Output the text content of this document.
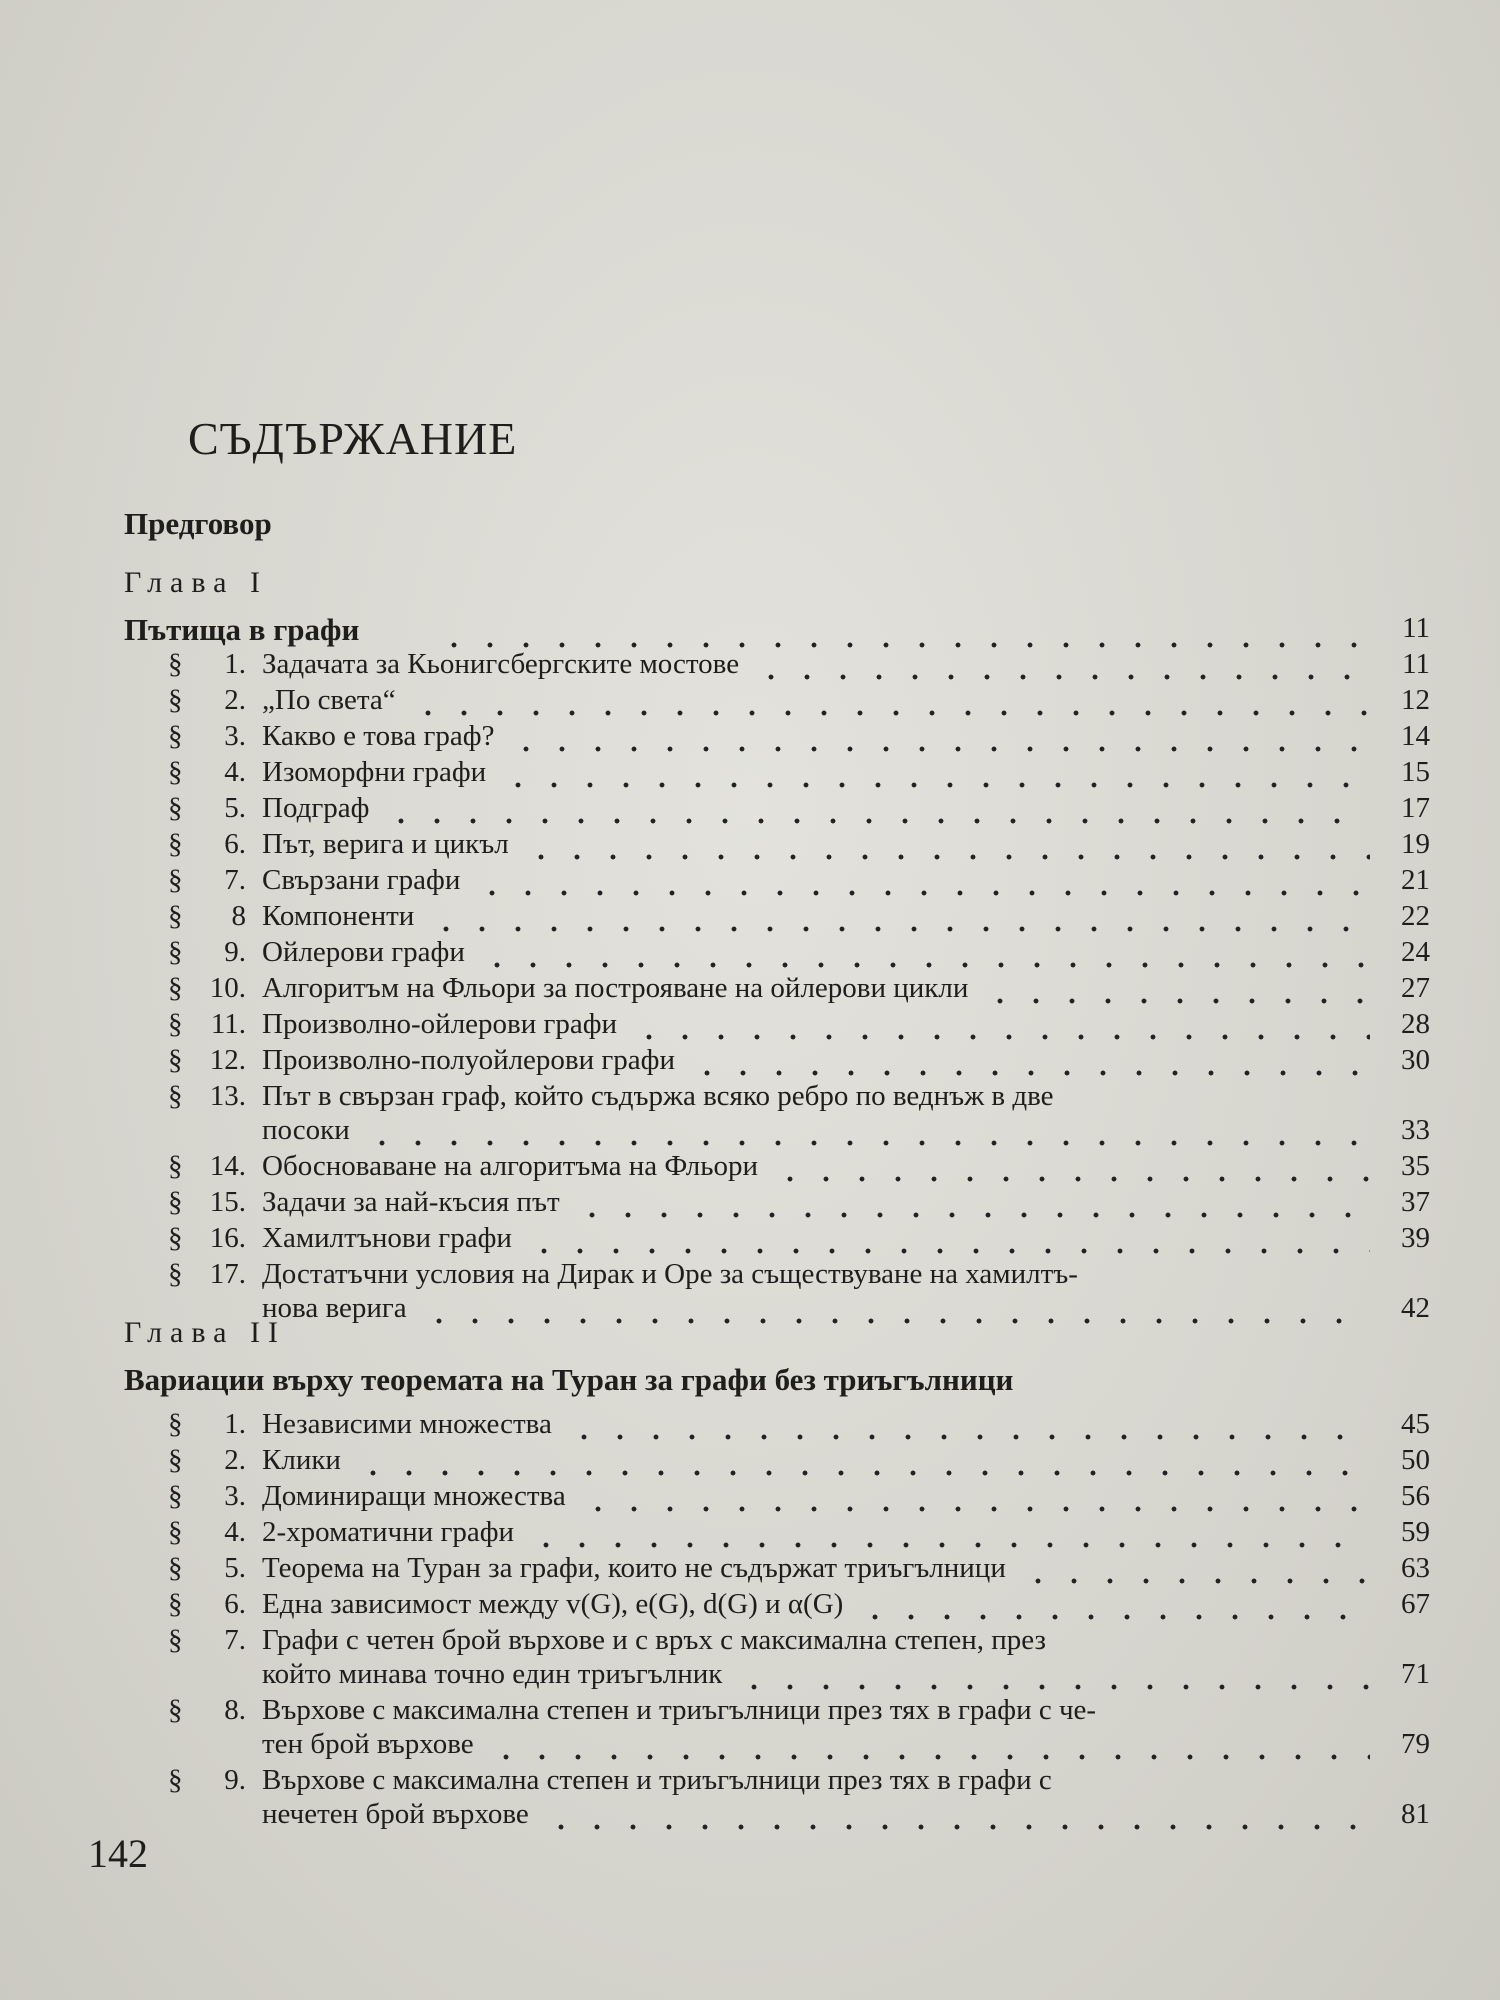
СЪДЪРЖАНИЕ
Предговор
Глава I
Пътища в графи	11
§	1. Задачата за Кьонигсбергските мостове	11
§	2. „По света“	12
§	3. Какво е това граф?	14
§	4. Изоморфни графи	15
§	5. Подграф	17
§	6. Път, верига и цикъл	19
§	7. Свързани графи	21
§	8 Компоненти	22
§	9. Ойлерови графи	24
§ 10. Алгоритъм на Фльори за построяване на ойлерови цикли	27
§ 11. Произволно-ойлерови графи	28
§ 12. Произволно-полуойлерови графи	30
§ 13. Път в свързан граф, който съдържа всяко ребро по веднъж в две
посоки	33
§ 14. Обосноваване на алгоритъма на Фльори	35
§ 15. Задачи за най-късия път	37
§ 16. Хамилтънови графи	39
§ 17. Достатъчни условия на Дирак и Оре за съществуване на хамилтъ-
нова верига	42
Глава II
Вариации върху теоремата на Туран за графи без триъгълници
§	1. Независими множества	45
§	2. Клики	50
§	3. Доминиращи множества	56
§	4. 2-хроматични графи	59
§	5. Теорема на Туран за графи, които не съдържат триъгълници	63
§	6. Една зависимост между v(G), e(G), d(G) и α(G)	67
§	7. Графи с четен брой върхове и с връх с максимална степен, през
който минава точно един триъгълник	71
§	8. Върхове с максимална степен и триъгълници през тях в графи с че-
тен брой върхове	79
§	9. Върхове с максимална степен и триъгълници през тях в графи с
нечетен брой върхове	81
142
